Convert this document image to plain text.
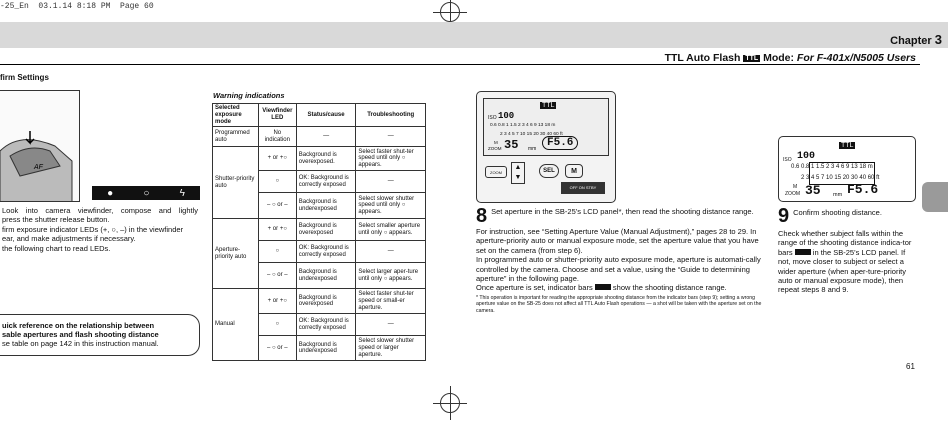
-25_En  03.1.14 8:18 PM  Page 60
Chapter 3
TTL Auto Flash TTL Mode: For F-401x/N5005 Users
firm Settings
AF
●	○	ϟ
Look into camera viewfinder, compose and lightly
press the shutter release button.
firm exposure indicator LEDs (+, ○, –) in the viewfinder
ear, and make adjustments if necessary.
the following chart to read LEDs.
uick reference on the relationship between
sable apertures and flash shooting distance
se table on page 142 in this instruction manual.
Warning indications
Selected exposure mode	Viewfinder LED	Status/cause	Troubleshooting
Programmed auto	No indication	—	—
Shutter-priority auto	+ or +○	Background is overexposed.	Select faster shut-ter speed until only ○ appears.
	○	OK: Background is correctly exposed	—
	– ○ or –	Background is underexposed	Select slower shutter speed until only ○ appears.
Aperture-priority auto	+ or +○	Background is overexposed	Select smaller aperture until only ○ appears.
	○	OK: Background is correctly exposed	—
	– ○ or –	Background is underexposed	Select larger aper-ture until only ○ appears.
Manual	+ or +○	Background is overexposed	Select faster shut-ter speed or small-er aperture.
	○	OK: Background is correctly exposed	—
	– ○ or –	Background is underexposed	Select slower shutter speed or larger aperture.
TTL
ISO 100
0.6 0.8 1 1.5 2 3 4 6 9 13 18 m
2 3 4 5 7 10 15 20 30 40 60 ft
M
ZOOM 35 mm F5.6
ZOOM
▲
▼
SEL	M
OFF ON STBY
8 Set aperture in the SB-25’s LCD panel*, then read the shooting distance range.
For instruction, see “Setting Aperture Value (Manual Adjustment),” pages 28 to 29. In aperture-priority auto or manual exposure mode, set the aperture value that you have set on the camera (from step 6).
In programmed auto or shutter-priority auto exposure mode, aperture is automati-cally controlled by the camera. Choose and set a value, using the “Guide to determining aperture” in the following page.
Once aperture is set, indicator bars	show the shooting distance range.
* This operation is important for reading the appropriate shooting distance from the indicator bars (step 9); setting a wrong aperture value on the SB-25 does not affect all TTL Auto Flash operations — a shot will be taken with the aperture set on the camera.
TTL
ISO 100
0.6 0.8 1 1.5 2 3 4 6 9 13 18 m
2 3 4 5 7 10 15 20 30 40 60 ft
M
ZOOM 35 mm F5.6
9 Confirm shooting distance.
Check whether subject falls within the range of the shooting distance indica-tor bars	in the SB-25’s LCD panel. If not, move closer to subject or select a wider aperture (when aper-ture-priority auto or manual exposure mode), then repeat steps 8 and 9.
61
